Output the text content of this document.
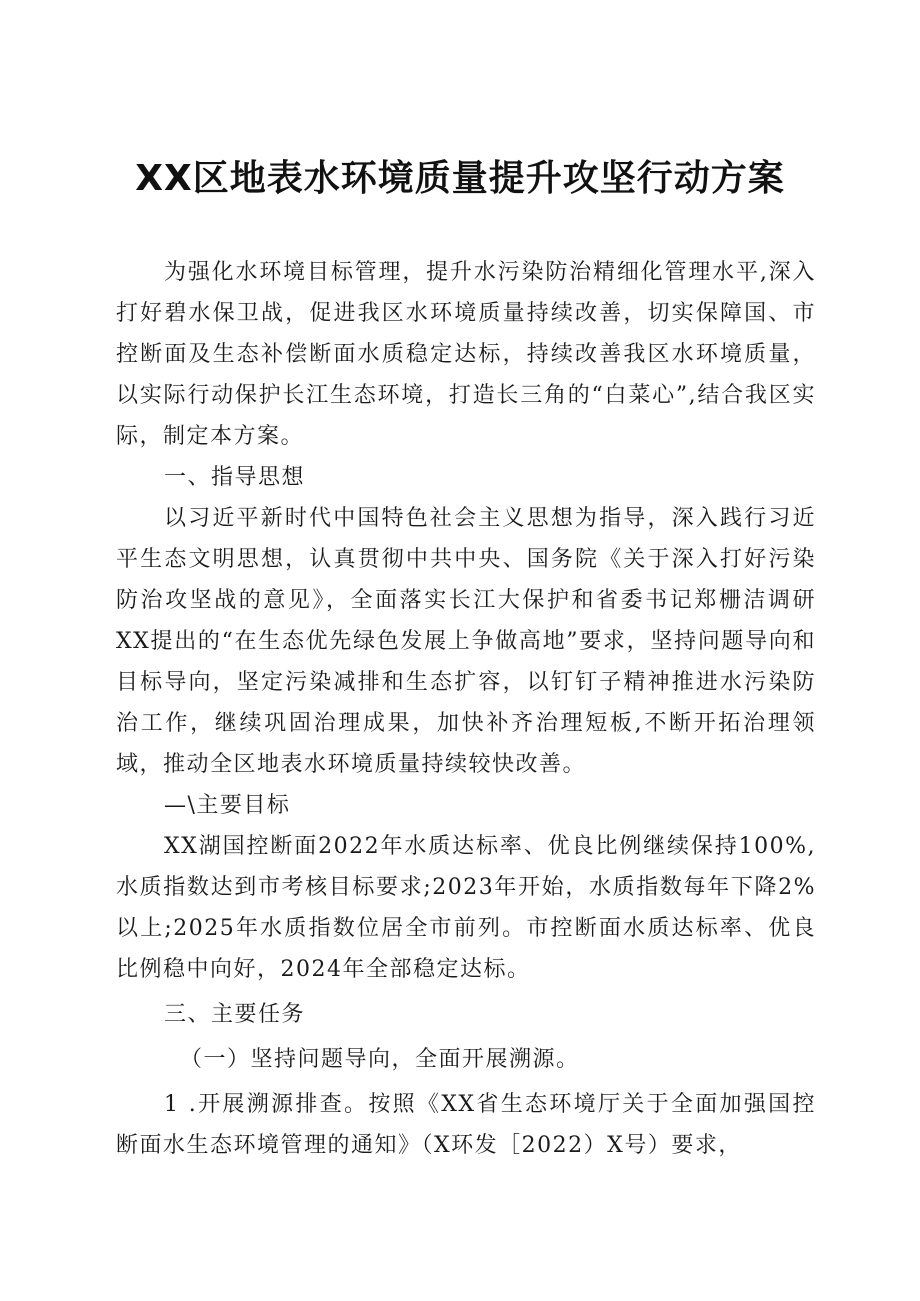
XX区地表水环境质量提升攻坚行动方案

为强化水环境目标管理，提升水污染防治精细化管理水平,深入打好碧水保卫战，促进我区水环境质量持续改善，切实保障国、市控断面及生态补偿断面水质稳定达标，持续改善我区水环境质量，以实际行动保护长江生态环境，打造长三角的“白菜心”,结合我区实际，制定本方案。

一、指导思想

以习近平新时代中国特色社会主义思想为指导，深入践行习近平生态文明思想，认真贯彻中共中央、国务院《关于深入打好污染防治攻坚战的意见》，全面落实长江大保护和省委书记郑栅洁调研XX提出的“在生态优先绿色发展上争做高地”要求，坚持问题导向和目标导向，坚定污染减排和生态扩容，以钉钉子精神推进水污染防治工作，继续巩固治理成果，加快补齐治理短板,不断开拓治理领域，推动全区地表水环境质量持续较快改善。

—\主要目标

XX湖国控断面2022年水质达标率、优良比例继续保持100%,水质指数达到市考核目标要求;2023年开始，水质指数每年下降2%以上;2025年水质指数位居全市前列。市控断面水质达标率、优良比例稳中向好，2024年全部稳定达标。

三、主要任务

（一）坚持问题导向，全面开展溯源。

1 .开展溯源排查。按照《XX省生态环境厅关于全面加强国控断面水生态环境管理的通知》（X环发［2022）X号）要求，
